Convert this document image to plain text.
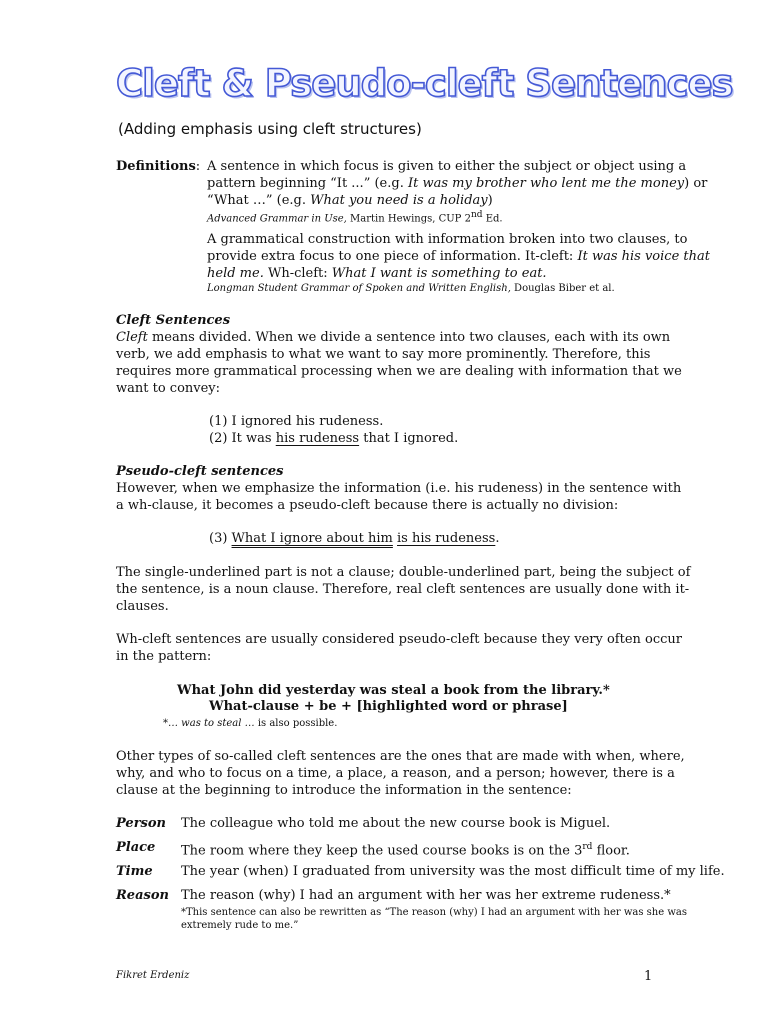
Cleft & Pseudo-cleft Sentences
(Adding emphasis using cleft structures)
Definitions: A sentence in which focus is given to either the subject or object using a
pattern beginning “It ...” (e.g. It was my brother who lent me the money) or
“What …” (e.g. What you need is a holiday)
Advanced Grammar in Use, Martin Hewings, CUP 2nd Ed.
A grammatical construction with information broken into two clauses, to
provide extra focus to one piece of information. It-cleft: It was his voice that
held me. Wh-cleft: What I want is something to eat.
Longman Student Grammar of Spoken and Written English, Douglas Biber et al.
Cleft Sentences
Cleft means divided. When we divide a sentence into two clauses, each with its own
verb, we add emphasis to what we want to say more prominently. Therefore, this
requires more grammatical processing when we are dealing with information that we
want to convey:
(1) I ignored his rudeness.
(2) It was his rudeness that I ignored.
Pseudo-cleft sentences
However, when we emphasize the information (i.e. his rudeness) in the sentence with
a wh-clause, it becomes a pseudo-cleft because there is actually no division:
(3) What I ignore about him is his rudeness.
The single-underlined part is not a clause; double-underlined part, being the subject of
the sentence, is a noun clause. Therefore, real cleft sentences are usually done with it-
clauses.
Wh-cleft sentences are usually considered pseudo-cleft because they very often occur
in the pattern:
What John did yesterday was steal a book from the library.*
What-clause + be + [highlighted word or phrase]
*… was to steal … is also possible.
Other types of so-called cleft sentences are the ones that are made with when, where,
why, and who to focus on a time, a place, a reason, and a person; however, there is a
clause at the beginning to introduce the information in the sentence:
Person The colleague who told me about the new course book is Miguel.
Place The room where they keep the used course books is on the 3rd floor.
Time The year (when) I graduated from university was the most difficult time of my life.
Reason The reason (why) I had an argument with her was her extreme rudeness.*
*This sentence can also be rewritten as “The reason (why) I had an argument with her was she was
extremely rude to me.”
Fikret Erdeniz	1
